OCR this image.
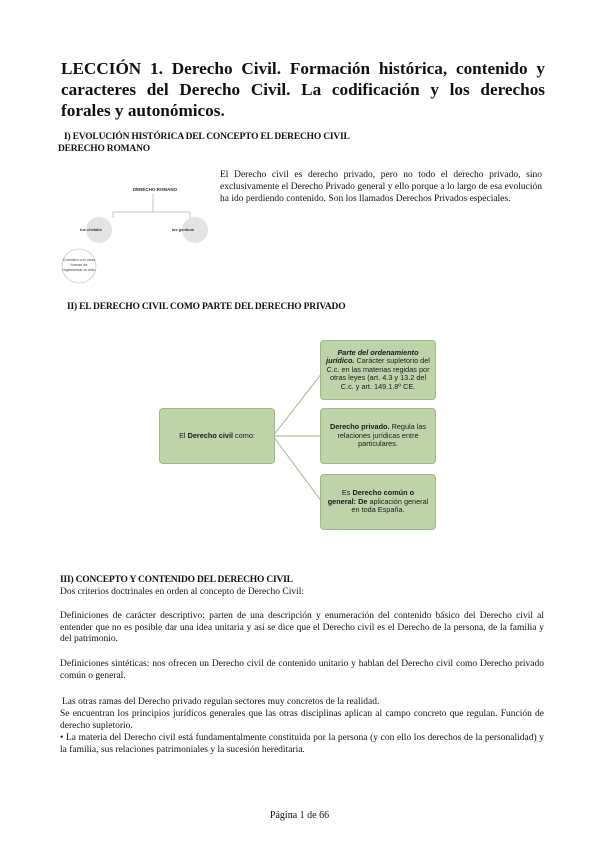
LECCIÓN 1. Derecho Civil. Formación histórica, contenido y caracteres del Derecho Civil. La codificación y los derechos forales y autonómicos.
I) EVOLUCIÓN HISTÓRICA DEL CONCEPTO EL DERECHO CIVIL
DERECHO ROMANO
DERECHO ROMANO
Ius civitatis	Ius gentium
Coexistía con otras
formas de
reglamentar la vida.
El Derecho civil es derecho privado, pero no todo el derecho privado, sino exclusivamente el Derecho Privado general y ello porque a lo largo de esa evolución ha ido perdiendo contenido. Son los llamados Derechos Privados especiales.
II) EL DERECHO CIVIL COMO PARTE DEL DERECHO PRIVADO
El Derecho civil como:
Parte del ordenamiento jurídico. Carácter supletorio del C.c. en las materias regidas por otras leyes (art. 4.3 y 13.2 del C.c. y art. 149.1.8º CE.
Derecho privado. Regula las relaciones jurídicas entre particulares.
Es Derecho común o general: De aplicación general en toda España.
III) CONCEPTO Y CONTENIDO DEL DERECHO CIVIL
Dos criterios doctrinales en orden al concepto de Derecho Civil:
Definiciones de carácter descriptivo: parten de una descripción y enumeración del contenido básico del Derecho civil al entender que no es posible dar una idea unitaria y así se dice que el Derecho civil es el Derecho de la persona, de la familia y del patrimonio.
Definiciones sintéticas: nos ofrecen un Derecho civil de contenido unitario y hablan del Derecho civil como Derecho privado común o general.
Las otras ramas del Derecho privado regulan sectores muy concretos de la realidad.
Se encuentran los principios jurídicos generales que las otras disciplinas aplican al campo concreto que regulan. Función de derecho supletorio.
• La materia del Derecho civil está fundamentalmente constituida por la persona (y con ello los derechos de la personalidad) y la familia, sus relaciones patrimoniales y la sucesión hereditaria.
Página 1 de 66
